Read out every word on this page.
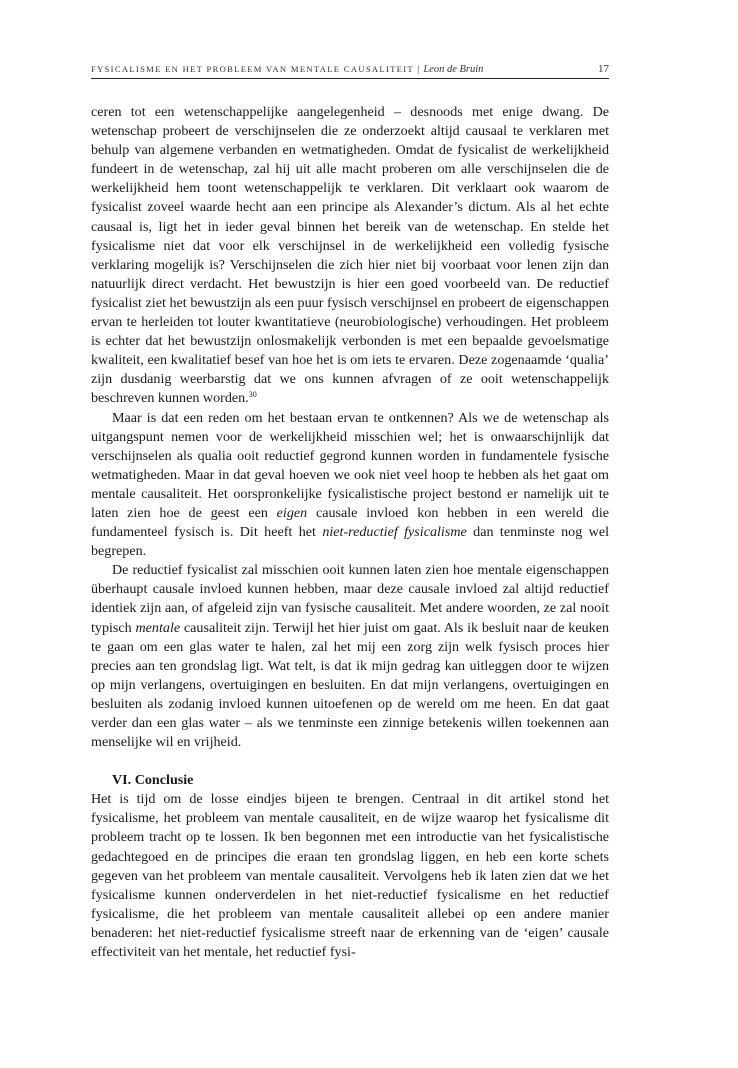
FYSICALISME EN HET PROBLEEM VAN MENTALE CAUSALITEIT | Leon de Bruin	17

ceren tot een wetenschappelijke aangelegenheid – desnoods met enige dwang. De wetenschap probeert de verschijnselen die ze onderzoekt altijd causaal te verklaren met behulp van algemene verbanden en wetmatigheden. Omdat de fysicalist de werkelijkheid fundeert in de wetenschap, zal hij uit alle macht proberen om alle verschijnselen die de werkelijkheid hem toont wetenschappelijk te verklaren. Dit verklaart ook waarom de fysicalist zoveel waarde hecht aan een principe als Alexander’s dictum. Als al het echte causaal is, ligt het in ieder geval binnen het bereik van de wetenschap. En stelde het fysicalisme niet dat voor elk verschijnsel in de werkelijkheid een volledig fysische verklaring mogelijk is? Verschijnselen die zich hier niet bij voorbaat voor lenen zijn dan natuurlijk direct verdacht. Het bewustzijn is hier een goed voorbeeld van. De reductief fysicalist ziet het bewustzijn als een puur fysisch verschijnsel en probeert de eigenschappen ervan te herleiden tot louter kwantitatieve (neurobiologische) verhoudingen. Het probleem is echter dat het bewustzijn onlosmakelijk verbonden is met een bepaalde gevoelsmatige kwaliteit, een kwalitatief besef van hoe het is om iets te ervaren. Deze zogenaamde ‘qualia’ zijn dusdanig weerbarstig dat we ons kunnen afvragen of ze ooit wetenschappelijk beschreven kunnen worden.$^{30}$

Maar is dat een reden om het bestaan ervan te ontkennen? Als we de wetenschap als uitgangspunt nemen voor de werkelijkheid misschien wel; het is onwaarschijnlijk dat verschijnselen als qualia ooit reductief gegrond kunnen worden in fundamentele fysische wetmatigheden. Maar in dat geval hoeven we ook niet veel hoop te hebben als het gaat om mentale causaliteit. Het oorspronkelijke fysicalistische project bestond er namelijk uit te laten zien hoe de geest een eigen causale invloed kon hebben in een wereld die fundamenteel fysisch is. Dit heeft het niet-reductief fysicalisme dan tenminste nog wel begrepen.

De reductief fysicalist zal misschien ooit kunnen laten zien hoe mentale eigenschappen überhaupt causale invloed kunnen hebben, maar deze causale invloed zal altijd reductief identiek zijn aan, of afgeleid zijn van fysische causaliteit. Met andere woorden, ze zal nooit typisch mentale causaliteit zijn. Terwijl het hier juist om gaat. Als ik besluit naar de keuken te gaan om een glas water te halen, zal het mij een zorg zijn welk fysisch proces hier precies aan ten grondslag ligt. Wat telt, is dat ik mijn gedrag kan uitleggen door te wijzen op mijn verlangens, overtuigingen en besluiten. En dat mijn verlangens, overtuigingen en besluiten als zodanig invloed kunnen uitoefenen op de wereld om me heen. En dat gaat verder dan een glas water – als we tenminste een zinnige betekenis willen toekennen aan menselijke wil en vrijheid.

VI. Conclusie

Het is tijd om de losse eindjes bijeen te brengen. Centraal in dit artikel stond het fysicalisme, het probleem van mentale causaliteit, en de wijze waarop het fysicalisme dit probleem tracht op te lossen. Ik ben begonnen met een introductie van het fysicalistische gedachtegoed en de principes die eraan ten grondslag liggen, en heb een korte schets gegeven van het probleem van mentale causaliteit. Vervolgens heb ik laten zien dat we het fysicalisme kunnen onderverdelen in het niet-reductief fysicalisme en het reductief fysicalisme, die het probleem van mentale causaliteit allebei op een andere manier benaderen: het niet-reductief fysicalisme streeft naar de erkenning van de ‘eigen’ causale effectiviteit van het mentale, het reductief fysi-
